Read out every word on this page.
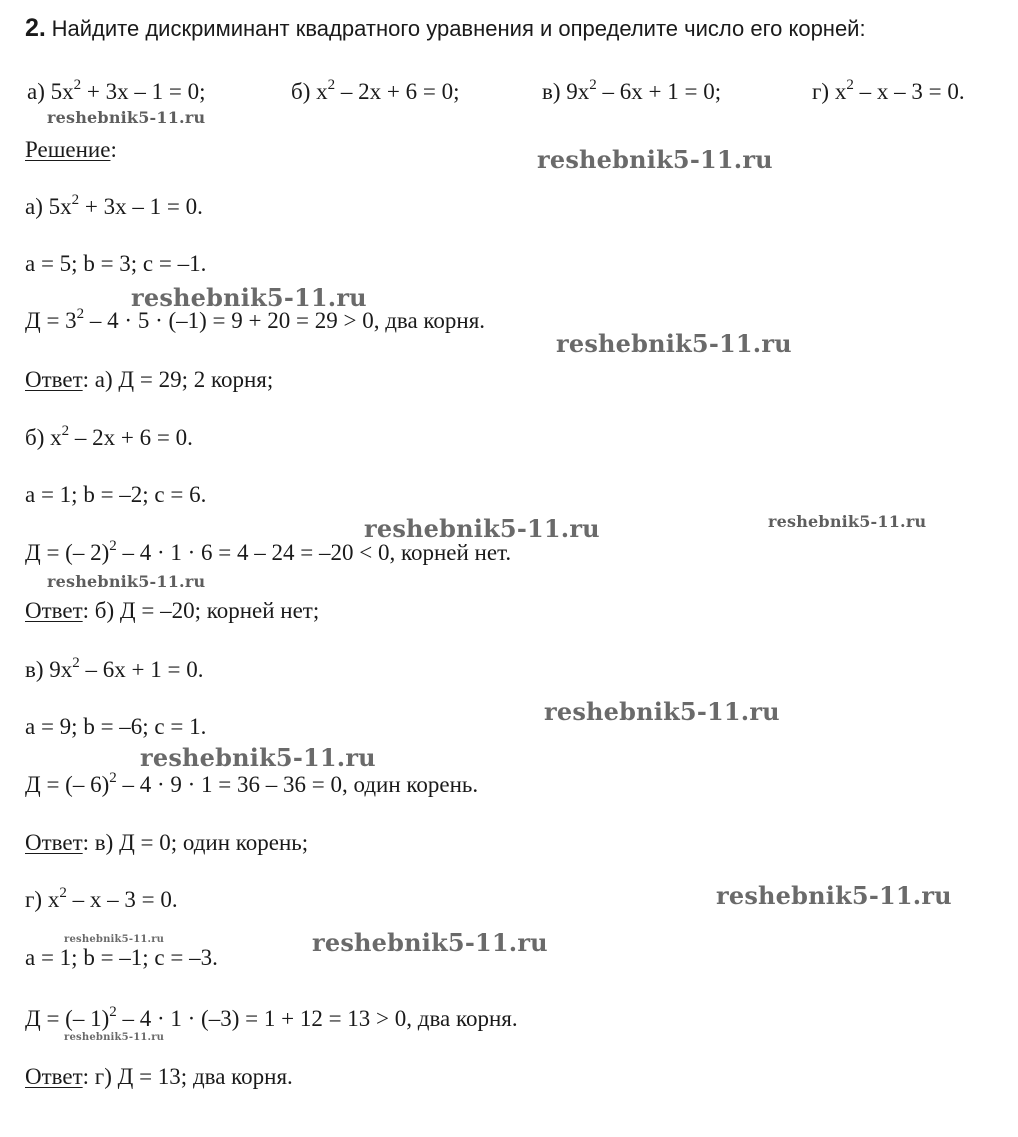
2. Найдите дискриминант квадратного уравнения и определите число его корней:
а) $5x^2 + 3x - 1 = 0$;	б) $x^2 - 2x + 6 = 0$;	в) $9x^2 - 6x + 1 = 0$;	г) $x^2 - x - 3 = 0$.
Решение:
а) $5x^2 + 3x - 1 = 0$.
a = 5; b = 3; c = –1.
$Д = 3^2 - 4 \cdot 5 \cdot (-1) = 9 + 20 = 29 > 0$, два корня.
Ответ: а) Д = 29; 2 корня;
б) $x^2 - 2x + 6 = 0$.
a = 1; b = –2; c = 6.
Д = (– 2)$^2$ – 4 · 1 · 6 = 4 – 24 = –20 < 0, корней нет.
Ответ: б) Д = –20; корней нет;
в) $9x^2 - 6x + 1 = 0$.
a = 9; b = –6; c = 1.
Д = (– 6)$^2$ – 4 · 9 · 1 = 36 – 36 = 0, один корень.
Ответ: в) Д = 0; один корень;
г) $x^2 - x - 3 = 0$.
a = 1; b = –1; c = –3.
Д = (– 1)$^2$ – 4 · 1 · (–3) = 1 + 12 = 13 > 0, два корня.
Ответ: г) Д = 13; два корня.
reshebnik5-11.ru
reshebnik5-11.ru
reshebnik5-11.ru
reshebnik5-11.ru
reshebnik5-11.ru	reshebnik5-11.ru
reshebnik5-11.ru
reshebnik5-11.ru
reshebnik5-11.ru
reshebnik5-11.ru
reshebnik5-11.ru	reshebnik5-11.ru
reshebnik5-11.ru
